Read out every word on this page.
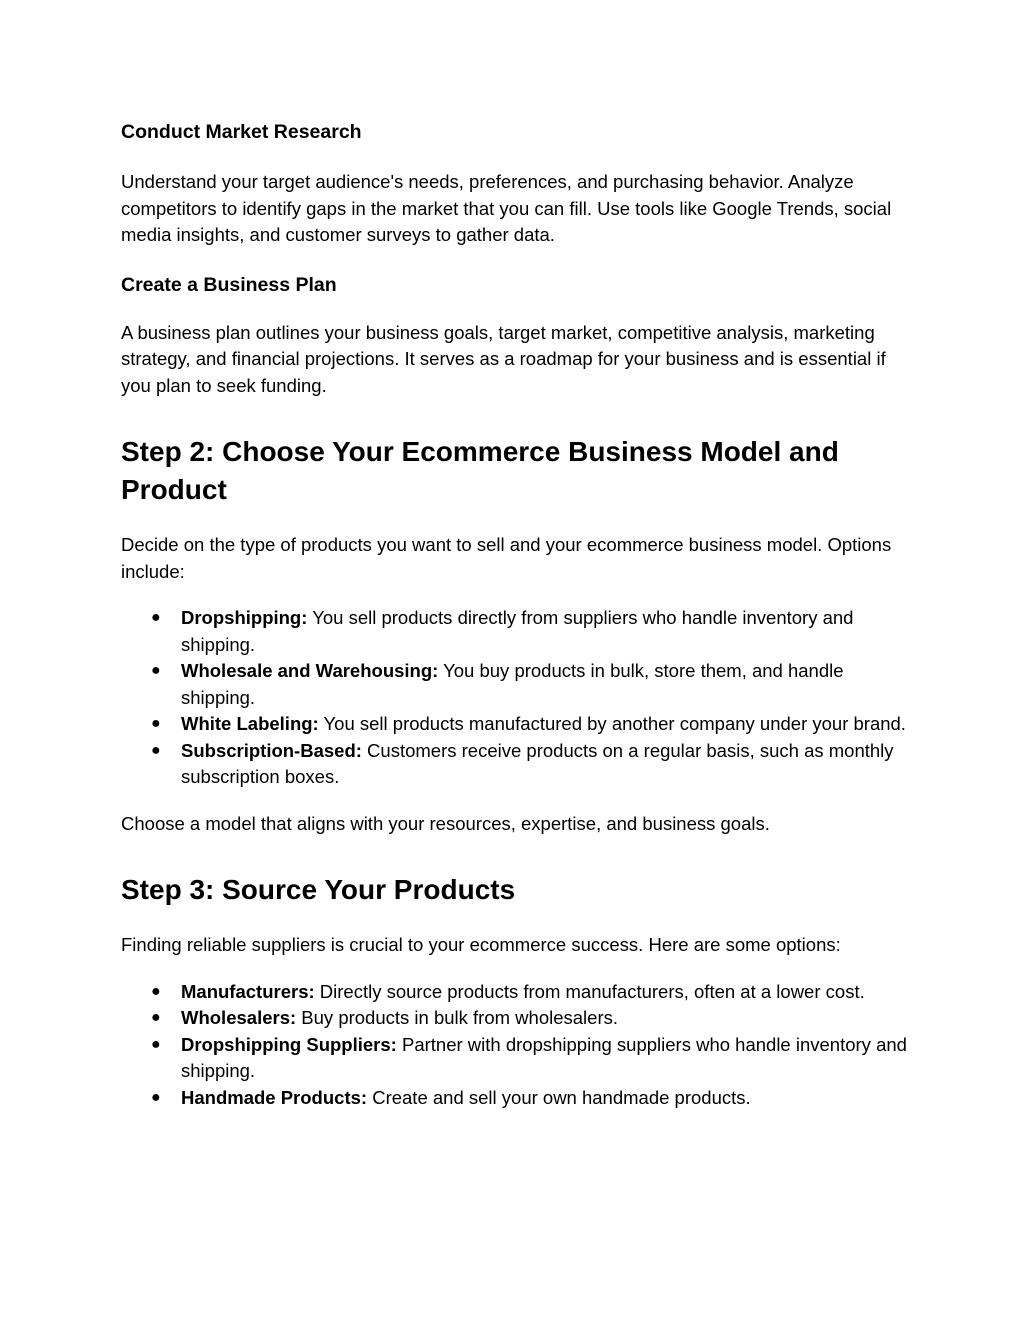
Conduct Market Research

Understand your target audience's needs, preferences, and purchasing behavior. Analyze competitors to identify gaps in the market that you can fill. Use tools like Google Trends, social media insights, and customer surveys to gather data.

Create a Business Plan

A business plan outlines your business goals, target market, competitive analysis, marketing strategy, and financial projections. It serves as a roadmap for your business and is essential if you plan to seek funding.

Step 2: Choose Your Ecommerce Business Model and Product

Decide on the type of products you want to sell and your ecommerce business model. Options include:

● Dropshipping: You sell products directly from suppliers who handle inventory and shipping.
● Wholesale and Warehousing: You buy products in bulk, store them, and handle shipping.
● White Labeling: You sell products manufactured by another company under your brand.
● Subscription-Based: Customers receive products on a regular basis, such as monthly subscription boxes.

Choose a model that aligns with your resources, expertise, and business goals.

Step 3: Source Your Products

Finding reliable suppliers is crucial to your ecommerce success. Here are some options:

● Manufacturers: Directly source products from manufacturers, often at a lower cost.
● Wholesalers: Buy products in bulk from wholesalers.
● Dropshipping Suppliers: Partner with dropshipping suppliers who handle inventory and shipping.
● Handmade Products: Create and sell your own handmade products.
